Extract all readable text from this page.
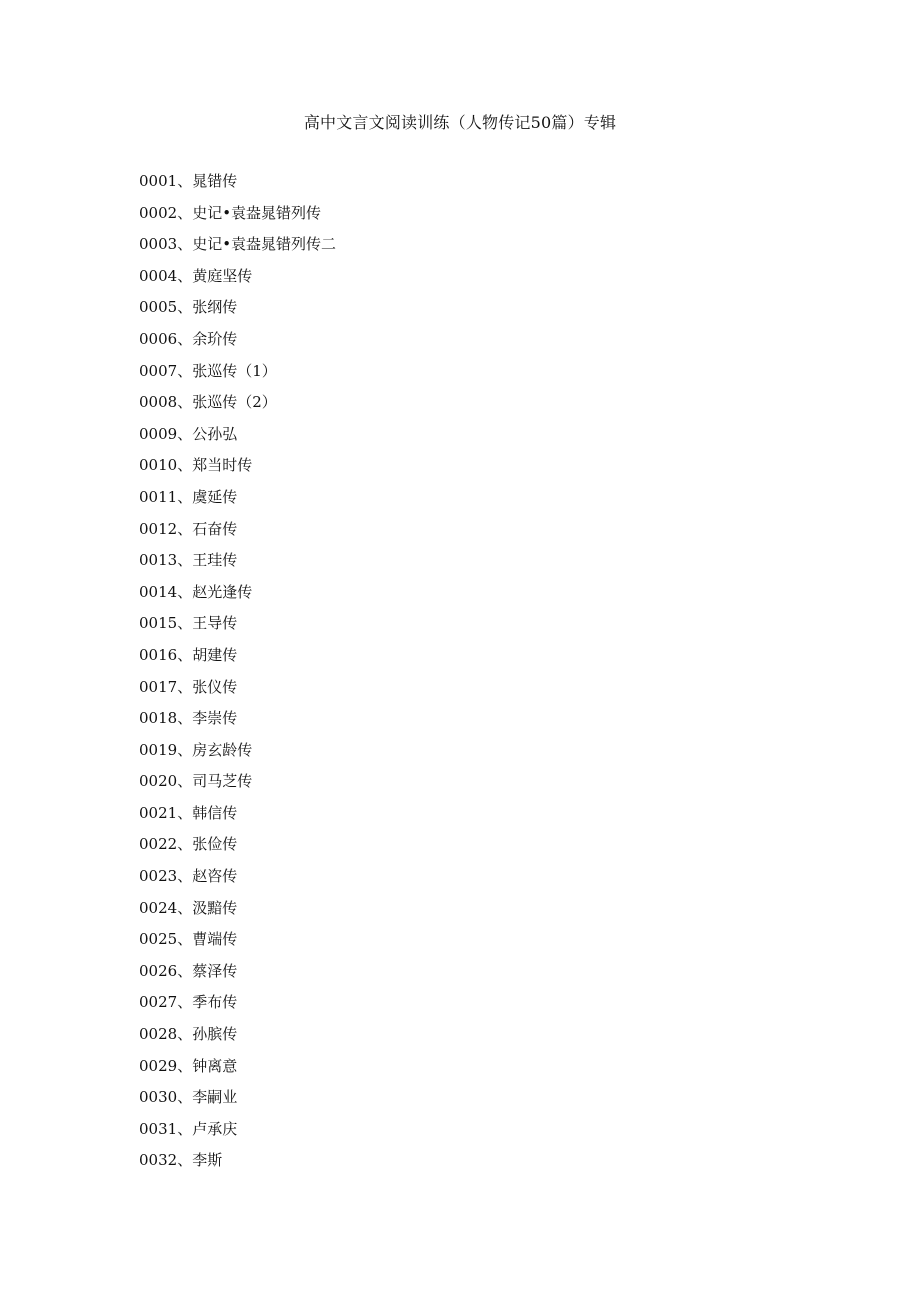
高中文言文阅读训练（人物传记50篇）专辑
0001、晁错传
0002、史记•袁盎晁错列传
0003、史记•袁盎晁错列传二
0004、黄庭坚传
0005、张纲传
0006、余玠传
0007、张巡传（1）
0008、张巡传（2）
0009、公孙弘
0010、郑当时传
0011、虞延传
0012、石奋传
0013、王珪传
0014、赵光逢传
0015、王导传
0016、胡建传
0017、张仪传
0018、李崇传
0019、房玄龄传
0020、司马芝传
0021、韩信传
0022、张俭传
0023、赵咨传
0024、汲黯传
0025、曹端传
0026、蔡泽传
0027、季布传
0028、孙膑传
0029、钟离意
0030、李嗣业
0031、卢承庆
0032、李斯
